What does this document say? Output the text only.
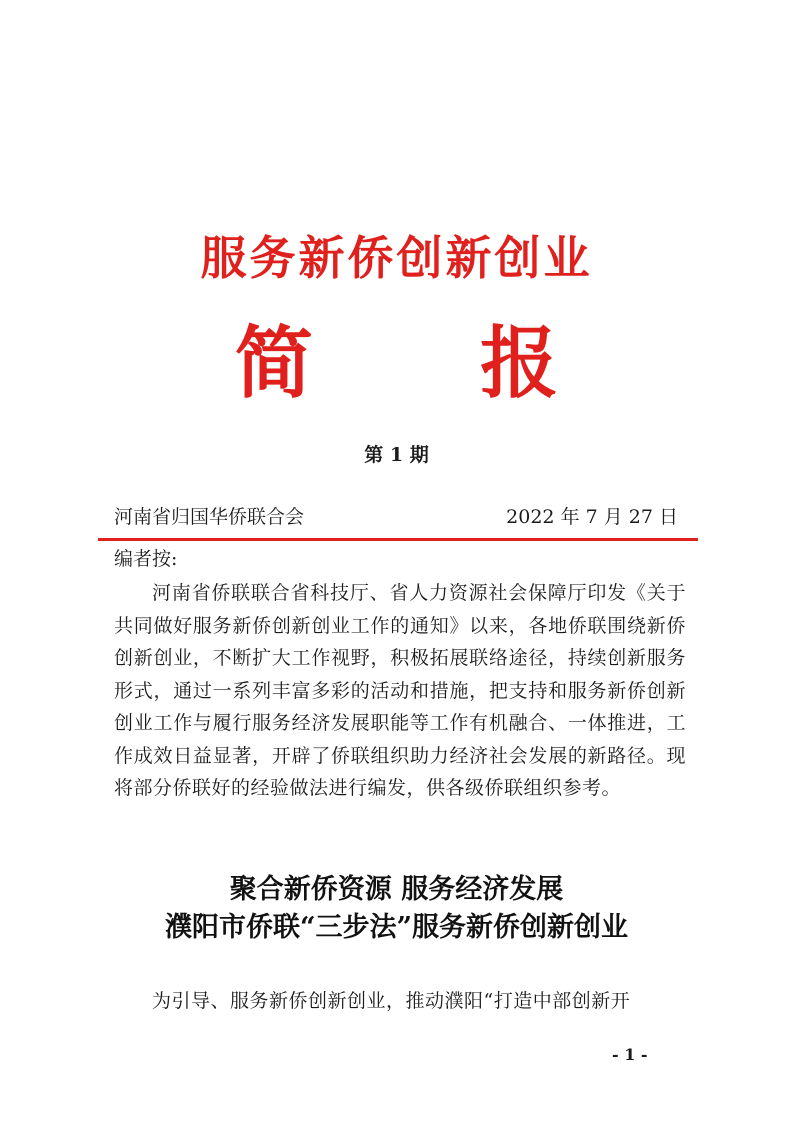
服务新侨创新创业
简 报
第 1 期
河南省归国华侨联合会	2022 年 7 月 27 日
编者按:
河南省侨联联合省科技厅、省人力资源社会保障厅印发《关于共同做好服务新侨创新创业工作的通知》以来，各地侨联围绕新侨创新创业，不断扩大工作视野，积极拓展联络途径，持续创新服务形式，通过一系列丰富多彩的活动和措施，把支持和服务新侨创新创业工作与履行服务经济发展职能等工作有机融合、一体推进，工作成效日益显著，开辟了侨联组织助力经济社会发展的新路径。现将部分侨联好的经验做法进行编发，供各级侨联组织参考。
聚合新侨资源 服务经济发展
濮阳市侨联“三步法”服务新侨创新创业
为引导、服务新侨创新创业，推动濮阳“打造中部创新开
- 1 -
